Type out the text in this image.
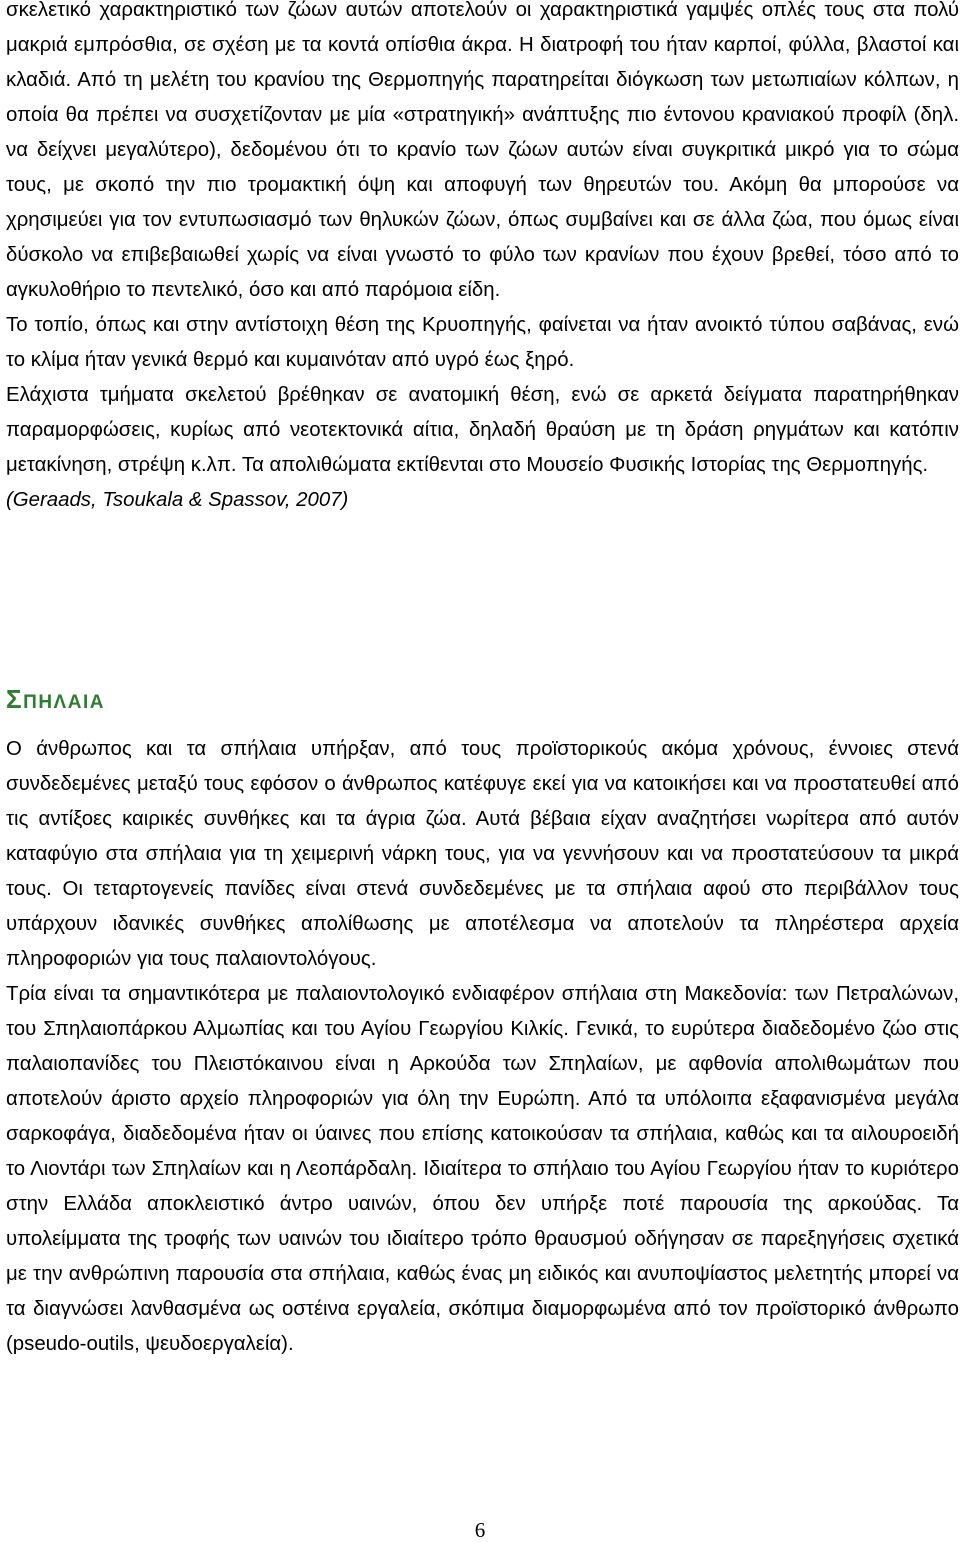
σκελετικό χαρακτηριστικό των ζώων αυτών αποτελούν οι χαρακτηριστικά γαμψές οπλές τους στα πολύ μακριά εμπρόσθια, σε σχέση με τα κοντά οπίσθια άκρα. Η διατροφή του ήταν καρποί, φύλλα, βλαστοί και κλαδιά. Από τη μελέτη του κρανίου της Θερμοπηγής παρατηρείται διόγκωση των μετωπιαίων κόλπων, η οποία θα πρέπει να συσχετίζονταν με μία «στρατηγική» ανάπτυξης πιο έντονου κρανιακού προφίλ (δηλ. να δείχνει μεγαλύτερο), δεδομένου ότι το κρανίο των ζώων αυτών είναι συγκριτικά μικρό για το σώμα τους, με σκοπό την πιο τρομακτική όψη και αποφυγή των θηρευτών του. Ακόμη θα μπορούσε να χρησιμεύει για τον εντυπωσιασμό των θηλυκών ζώων, όπως συμβαίνει και σε άλλα ζώα, που όμως είναι δύσκολο να επιβεβαιωθεί χωρίς να είναι γνωστό το φύλο των κρανίων που έχουν βρεθεί, τόσο από το αγκυλοθήριο το πεντελικό, όσο και από παρόμοια είδη.

Το τοπίο, όπως και στην αντίστοιχη θέση της Κρυοπηγής, φαίνεται να ήταν ανοικτό τύπου σαβάνας, ενώ το κλίμα ήταν γενικά θερμό και κυμαινόταν από υγρό έως ξηρό.

Ελάχιστα τμήματα σκελετού βρέθηκαν σε ανατομική θέση, ενώ σε αρκετά δείγματα παρατηρήθηκαν παραμορφώσεις, κυρίως από νεοτεκτονικά αίτια, δηλαδή θραύση με τη δράση ρηγμάτων και κατόπιν μετακίνηση, στρέψη κ.λπ. Τα απολιθώματα εκτίθενται στο Μουσείο Φυσικής Ιστορίας της Θερμοπηγής.

(Geraads, Tsoukala & Spassov, 2007)

ΣΠΗΛΑΙΑ

Ο άνθρωπος και τα σπήλαια υπήρξαν, από τους προϊστορικούς ακόμα χρόνους, έννοιες στενά συνδεδεμένες μεταξύ τους εφόσον ο άνθρωπος κατέφυγε εκεί για να κατοικήσει και να προστατευθεί από τις αντίξοες καιρικές συνθήκες και τα άγρια ζώα. Αυτά βέβαια είχαν αναζητήσει νωρίτερα από αυτόν καταφύγιο στα σπήλαια για τη χειμερινή νάρκη τους, για να γεννήσουν και να προστατεύσουν τα μικρά τους. Οι τεταρτογενείς πανίδες είναι στενά συνδεδεμένες με τα σπήλαια αφού στο περιβάλλον τους υπάρχουν ιδανικές συνθήκες απολίθωσης με αποτέλεσμα να αποτελούν τα πληρέστερα αρχεία πληροφοριών για τους παλαιοντολόγους.

Τρία είναι τα σημαντικότερα με παλαιοντολογικό ενδιαφέρον σπήλαια στη Μακεδονία: των Πετραλώνων, του Σπηλαιοπάρκου Αλμωπίας και του Αγίου Γεωργίου Κιλκίς. Γενικά, το ευρύτερα διαδεδομένο ζώο στις παλαιοπανίδες του Πλειστόκαινου είναι η Αρκούδα των Σπηλαίων, με αφθονία απολιθωμάτων που αποτελούν άριστο αρχείο πληροφοριών για όλη την Ευρώπη. Από τα υπόλοιπα εξαφανισμένα μεγάλα σαρκοφάγα, διαδεδομένα ήταν οι ύαινες που επίσης κατοικούσαν τα σπήλαια, καθώς και τα αιλουροειδή το Λιοντάρι των Σπηλαίων και η Λεοπάρδαλη. Ιδιαίτερα το σπήλαιο του Αγίου Γεωργίου ήταν το κυριότερο στην Ελλάδα αποκλειστικό άντρο υαινών, όπου δεν υπήρξε ποτέ παρουσία της αρκούδας. Τα υπολείμματα της τροφής των υαινών του ιδιαίτερο τρόπο θραυσμού οδήγησαν σε παρεξηγήσεις σχετικά με την ανθρώπινη παρουσία στα σπήλαια, καθώς ένας μη ειδικός και ανυποψίαστος μελετητής μπορεί να τα διαγνώσει λανθασμένα ως οστέινα εργαλεία, σκόπιμα διαμορφωμένα από τον προϊστορικό άνθρωπο (pseudo-outils, ψευδοεργαλεία).

6
